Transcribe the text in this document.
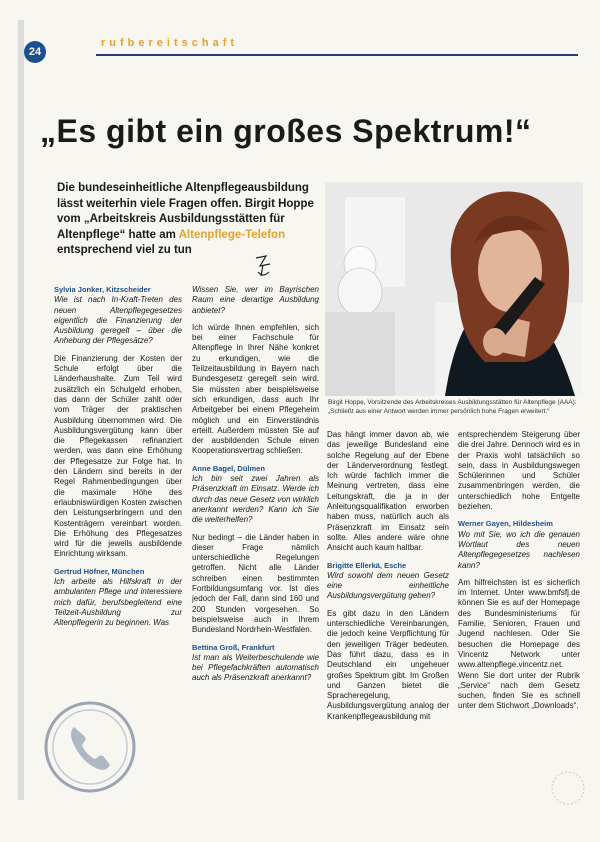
24
rufbereitschaft
„Es gibt ein großes Spektrum!“
Die bundeseinheitliche Altenpflegeausbildung lässt weiterhin viele Fragen offen. Birgit Hoppe vom „Arbeitskreis Ausbildungsstätten für Altenpflege“ hatte am Altenpflege-Telefon entsprechend viel zu tun
Birgit Hoppe, Vorsitzende des Arbeitskreises Ausbildungsstätten für Altenpflege (AAA): „Schließt aus einer Antwort werden immer persönlich hohe Fragen erweitert.“

Sylvia Jonker, Kitzscheider
Wie ist nach In-Kraft-Treten des neuen Altenpflegegesetzes eigentlich die Finanzierung der Ausbildung geregelt – über die Anhebung der Pflegesätze?

Die Finanzierung der Kosten der Schule erfolgt über die Länderhaushalte. Zum Teil wird zusätzlich ein Schulgeld erhoben, das dann der Schüler zahlt oder vom Träger der praktischen Ausbildung übernommen wird. Die Ausbildungsvergütung kann über die Pflegekassen refinanziert werden, was dann eine Erhöhung der Pflegesatze zur Folge hat. In den Ländern sind bereits in der Regel Rahmenbedingungen über die maximale Höhe des erlaubniswürdigen Kosten zwischen den Leistungserbringern und den Kostenträgern vereinbart worden. Die Erhöhung des Pflegesatzes wird für die jeweils ausbildende Einrichtung wirksam.

Gertrud Höfner, München
Ich arbeite als Hilfskraft in der ambulanten Pflege und interessiere mich dafür, berufsbegleitend eine Teilzeit-Ausbildung zur Altenpflegerin zu beginnen. Was

Wissen Sie, wer im Bayrischen Raum eine derartige Ausbildung anbietet?

Ich würde Ihnen empfehlen, sich bei einer Fachschule für Altenpflege in Ihrer Nähe konkret zu erkundigen, wie die Teilzeitausbildung in Bayern nach Bundesgesetz geregelt sein wird. Sie müssten aber beispielsweise sich erkundigen, dass auch Ihr Arbeitgeber bei einem Pflegeheim möglich und ein Einverständnis erteilt. Außerdem müssten Sie auf der ausbildenden Schule einen Kooperationsvertrag schließen.

Anne Bagel, Dülmen
Ich bin seit zwei Jahren als Präsenzkraft im Einsatz. Werde ich durch das neue Gesetz von wirklich anerkannt werden? Kann ich Sie die weiterhelfen?

Nur bedingt – die Länder haben in dieser Frage nämlich unterschiedliche Regelungen getroffen. Nicht alle Länder schreiben einen bestimmten Fortbildungsumfang vor. Ist dies jedoch der Fall, dann sind 160 und 200 Stunden vorgesehen. So beispielsweise auch in Ihrem Bundesland Nordrhein-Westfalen.

Bettina Groß, Frankfurt
Ist man als Weiterbeschulende wie bei Pflegefachkräften automatisch auch als Präsenzkraft anerkannt?

Das hängt immer davon ab, wie das jeweilige Bundesland eine solche Regelung auf der Ebene der Länderverordnung festlegt. Ich würde fachlich immer die Meinung vertreten, dass eine Leitungskraft, die ja in der Anleitungsqualifikation erworben haben muss, natürlich auch als Präsenzkraft im Einsatz sein sollte. Alles andere wäre ohne Ansicht auch kaum haltbar.

Brigitte Ellerkä, Esche
Wird sowohl dem neuen Gesetz eine einheitliche Ausbildungsvergütung geben?

Es gibt dazu in den Ländern unterschiedliche Vereinbarungen, die jedoch keine Verpflichtung für den jeweiligen Träger bedeuten. Das führt dazu, dass es in Deutschland ein ungeheuer großes Spektrum gibt. Im Großen und Ganzen bietet die Spracheregelung, Ausbildungsvergütung analog der Krankenpflegeausbildung mit

entsprechendem Steigerung über die drei Jahre. Dennoch wird es in der Praxis wohl tatsächlich so sein, dass in Ausbildungswegen Schülerinnen und Schüler zusammenbringen werden, die unterschiedlich hohe Entgelte beziehen.

Werner Gayen, Hildesheim
Wo mit Sie, wo ich die genauen Wortlaut des neuen Altenpflegegesetzes nachlesen kann?

Am hilfreichsten ist es sicherlich im Internet. Unter www.bmfsfj.de können Sie es auf der Homepage des Bundesministeriums für Familie, Senioren, Frauen und Jugend nachlesen. Oder Sie besuchen die Homepage des Vincentz Network unter www.altenpflege.vincentz.net. Wenn Sie dort unter der Rubrik „Service“ nach dem Gesetz suchen, finden Sie es schnell unter dem Stichwort „Downloads“.
